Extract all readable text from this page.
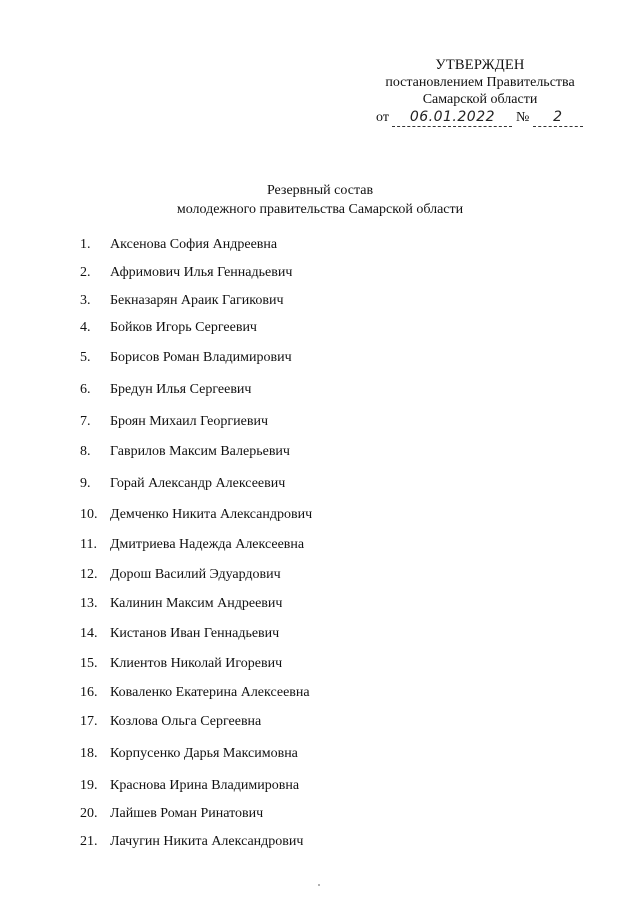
УТВЕРЖДЕН
постановлением Правительства
Самарской области
от 06.01.2022 № 2
Резервный состав
молодежного правительства Самарской области
1. Аксенова София Андреевна
2. Афримович Илья Геннадьевич
3. Бекназарян Араик Гагикович
4. Бойков Игорь Сергеевич
5. Борисов Роман Владимирович
6. Бредун Илья Сергеевич
7. Броян Михаил Георгиевич
8. Гаврилов Максим Валерьевич
9. Горай Александр Алексеевич
10. Демченко Никита Александрович
11. Дмитриева Надежда Алексеевна
12. Дорош Василий Эдуардович
13. Калинин Максим Андреевич
14. Кистанов Иван Геннадьевич
15. Клиентов Николай Игоревич
16. Коваленко Екатерина Алексеевна
17. Козлова Ольга Сергеевна
18. Корпусенко Дарья Максимовна
19. Краснова Ирина Владимировна
20. Лайшев Роман Ринатович
21. Лачугин Никита Александрович
